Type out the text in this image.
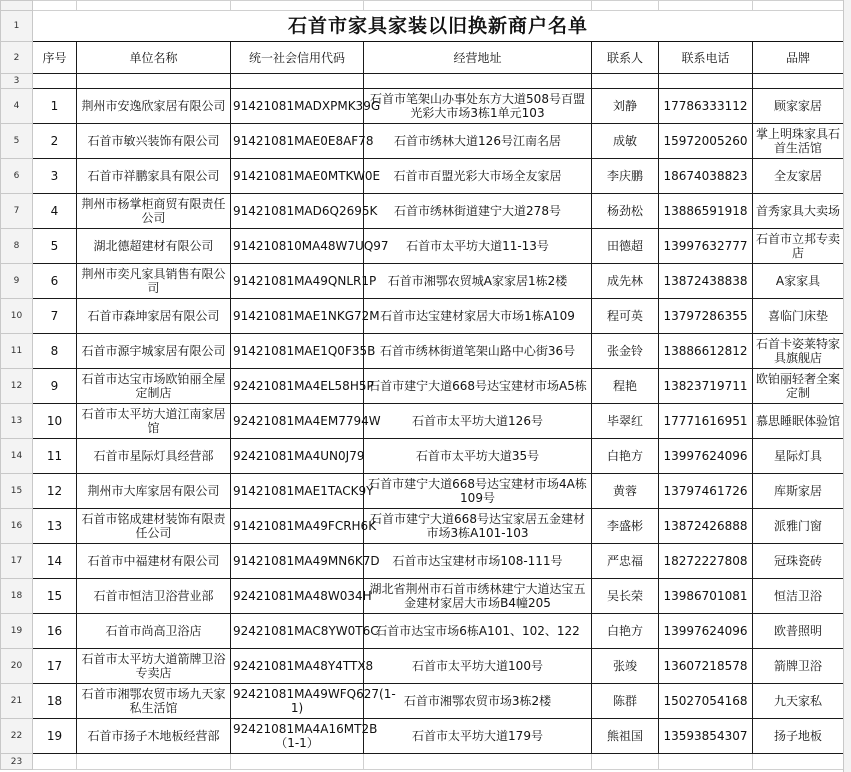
1	石首市家具家装以旧换新商户名单						
2	序号	单位名称	统一社会信用代码	经营地址	联系人	联系电话	品牌
3							
4	1	荆州市安逸欣家居有限公司	91421081MADXPMK39G	石首市笔架山办事处东方大道508号百盟光彩大市场3栋1单元103	刘静	17786333112	顾家家居
5	2	石首市敏兴装饰有限公司	91421081MAE0E8AF78	石首市绣林大道126号江南名居	成敏	15972005260	掌上明珠家具石首生活馆
6	3	石首市祥鹏家具有限公司	91421081MAE0MTKW0E	石首市百盟光彩大市场全友家居	李庆鹏	18674038823	全友家居
7	4	荆州市杨掌柜商贸有限责任公司	91421081MAD6Q2695K	石首市绣林街道建宁大道278号	杨劲松	13886591918	首秀家具大卖场
8	5	湖北德超建材有限公司	914210810MA48W7UQ97	石首市太平坊大道11-13号	田德超	13997632777	石首市立邦专卖店
9	6	荆州市奕凡家具销售有限公司	91421081MA49QNLR1P	石首市湘鄂农贸城A家家居1栋2楼	成先林	13872438838	A家家具
10	7	石首市森坤家居有限公司	91421081MAE1NKG72M	石首市达宝建材家居大市场1栋A109	程可英	13797286355	喜临门床垫
11	8	石首市源宇城家居有限公司	91421081MAE1Q0F35B	石首市绣林街道笔架山路中心街36号	张金铃	13886612812	石首卡姿莱特家具旗舰店
12	9	石首市达宝市场欧铂丽全屋定制店	92421081MA4EL58H5P	石首市建宁大道668号达宝建材市场A5栋	程艳	13823719711	欧铂丽轻奢全案定制
13	10	石首市太平坊大道江南家居馆	92421081MA4EM7794W	石首市太平坊大道126号	毕翠红	17771616951	慕思睡眠体验馆
14	11	石首市星际灯具经营部	92421081MA4UN0J79	石首市太平坊大道35号	白艳方	13997624096	星际灯具
15	12	荆州市大库家居有限公司	91421081MAE1TACK9Y	石首市建宁大道668号达宝建材市场4A栋109号	黄蓉	13797461726	库斯家居
16	13	石首市铭成建材装饰有限责任公司	91421081MA49FCRH6K	石首市建宁大道668号达宝家居五金建材市场3栋A101-103	李盛彬	13872426888	派雅门窗
17	14	石首市中福建材有限公司	91421081MA49MN6K7D	石首市达宝建材市场108-111号	严忠福	18272227808	冠珠瓷砖
18	15	石首市恒洁卫浴营业部	92421081MA48W034H	湖北省荆州市石首市绣林建宁大道达宝五金建材家居大市场B4幢205	吴长荣	13986701081	恒洁卫浴
19	16	石首市尚高卫浴店	92421081MAC8YW0T6C	石首市达宝市场6栋A101、102、122	白艳方	13997624096	欧普照明
20	17	石首市太平坊大道箭牌卫浴专卖店	92421081MA48Y4TTX8	石首市太平坊大道100号	张竣	13607218578	箭牌卫浴
21	18	石首市湘鄂农贸市场九天家私生活馆	92421081MA49WFQ627(1-1)	石首市湘鄂农贸市场3栋2楼	陈群	15027054168	九天家私
22	19	石首市扬子木地板经营部	92421081MA4A16MT2B（1-1）	石首市太平坊大道179号	熊祖国	13593854307	扬子地板
23							
